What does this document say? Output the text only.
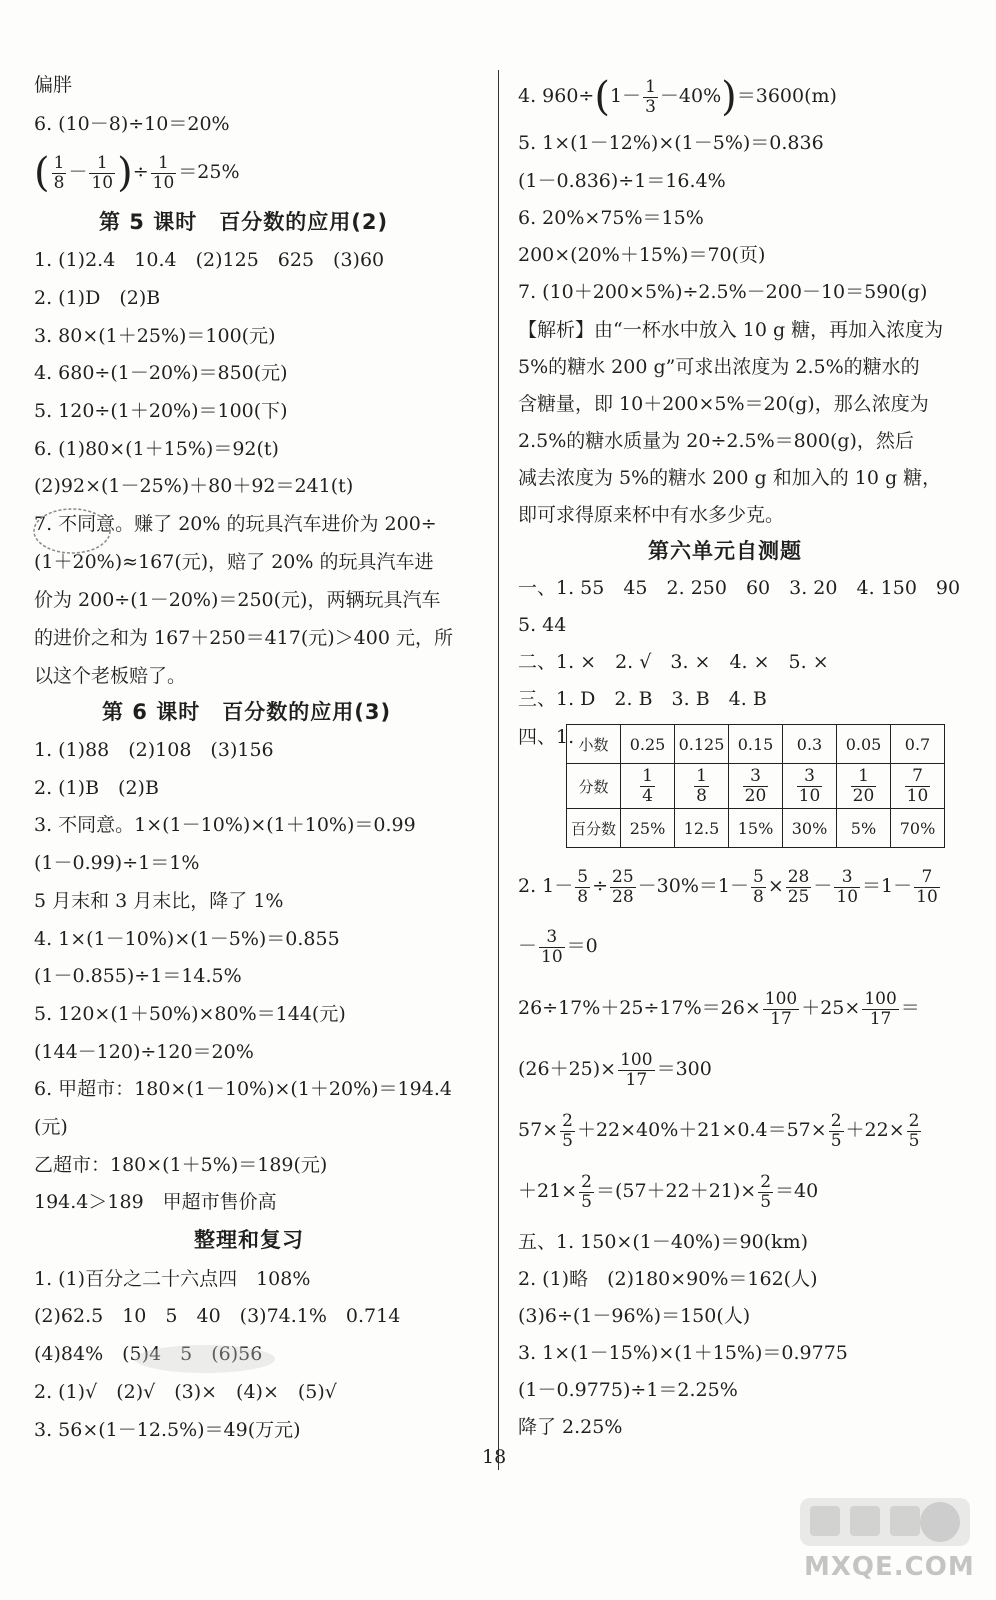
偏胖
6. (10－8)÷10＝20%
( $\frac{1}{8} - \frac{1}{10}$ )÷ $\frac{1}{10} =25\%$
第 5 课时　百分数的应用(2)
1. (1)2.4　10.4　(2)125　625　(3)60
2. (1)D　(2)B
3. 80×(1＋25%)＝100(元)
4. 680÷(1－20%)＝850(元)
5. 120÷(1＋20%)＝100(下)
6. (1)80×(1＋15%)＝92(t)
(2)92×(1－25%)＋80＋92＝241(t)
7. 不同意。赚了 20% 的玩具汽车进价为 200÷
(1＋20%)≈167(元)，赔了 20% 的玩具汽车进
价为 200÷(1－20%)＝250(元)，两辆玩具汽车
的进价之和为 167＋250＝417(元)＞400 元，所
以这个老板赔了。
第 6 课时　百分数的应用(3)
1. (1)88　(2)108　(3)156
2. (1)B　(2)B
3. 不同意。1×(1－10%)×(1＋10%)＝0.99
(1－0.99)÷1＝1%
5 月末和 3 月末比，降了 1%
4. 1×(1－10%)×(1－5%)＝0.855
(1－0.855)÷1＝14.5%
5. 120×(1＋50%)×80%＝144(元)
(144－120)÷120＝20%
6. 甲超市：180×(1－10%)×(1＋20%)＝194.4
(元)
乙超市：180×(1＋5%)＝189(元)
194.4＞189　甲超市售价高
整理和复习
1. (1)百分之二十六点四　108%
(2)62.5　10　5　40　(3)74.1%　0.714
(4)84%　(5)4　5　(6)56
2. (1)√　(2)√　(3)×　(4)×　(5)√
3. 56×(1－12.5%)＝49(万元)
4. $960\div(1- \frac{1}{3} -40\%)=3600(m)$
5. 1×(1－12%)×(1－5%)＝0.836
(1－0.836)÷1＝16.4%
6. 20%×75%＝15%
200×(20%＋15%)＝70(页)
7. (10＋200×5%)÷2.5%－200－10＝590(g)
【解析】由“一杯水中放入 10 g 糖，再加入浓度为
5%的糖水 200 g”可求出浓度为 2.5%的糖水的
含糖量，即 10＋200×5%＝20(g)，那么浓度为
2.5%的糖水质量为 20÷2.5%＝800(g)，然后
减去浓度为 5%的糖水 200 g 和加入的 10 g 糖，
即可求得原来杯中有水多少克。
第六单元自测题
一、1. 55　45　2. 250　60　3. 20　4. 150　90
5. 44
二、1. ×　2. √　3. ×　4. ×　5. ×
三、1. D　2. B　3. B　4. B
四、1. 小数	0.25	0.125	0.15	0.3	0.05	0.7
分数	$\frac{1}{4}$	$\frac{1}{8}$	$\frac{3}{20}$	$\frac{3}{10}$	$\frac{1}{20}$	$\frac{7}{10}$

百分数	25%	12.5	15%	30%	5%	70%
2. $1- \frac{5}{8} \div \frac{25}{28} -30\%=1- \frac{5}{8} \times \frac{28}{25} - \frac{3}{10} =1- \frac{7}{10}$
－ $\frac{3}{10} =0$
$26\div 17\%+25\div 17\%=26\times \frac{100}{17} +25\times \frac{100}{17}$ ＝
$(26+25)\times \frac{100}{17} =300$
$57\times \frac{2}{5} +22\times 40\%+21\times 0.4=57\times \frac{2}{5} +22\times \frac{2}{5}$
$+21\times \frac{2}{5} =(57+22+21)\times \frac{2}{5} =40$
五、1. 150×(1－40%)＝90(km)
2. (1)略　(2)180×90%＝162(人)
(3)6÷(1－96%)＝150(人)
3. 1×(1－15%)×(1＋15%)＝0.9775
(1－0.9775)÷1＝2.25%
降了 2.25%
18
MXQE.COM
